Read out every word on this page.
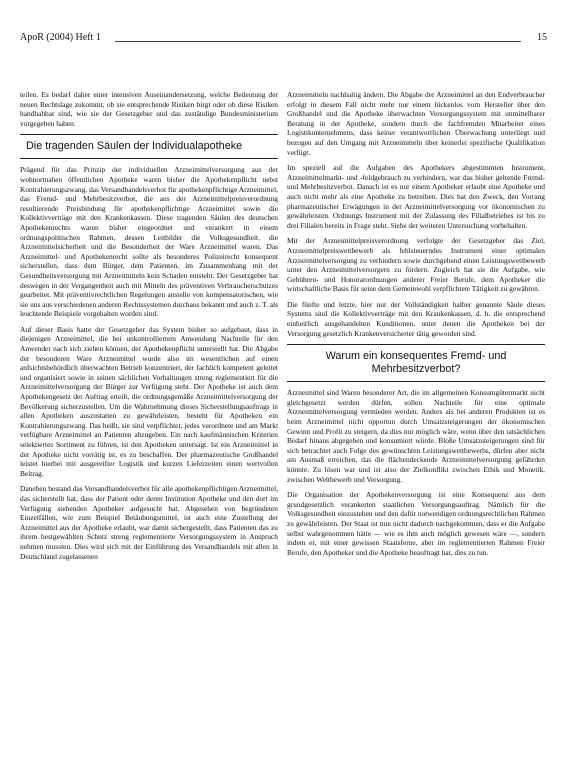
ApoR (2004) Heft 1	15

teilen. Es bedarf daher einer intensiven Auseinandersetzung, welche Bedeutung der neuen Rechtslage zukommt, ob sie entsprechende Risiken birgt oder ob diese Risiken handhabbar sind, wie sie der Gesetzgeber und das zuständige Bundesministerium vorgegeben haben.

Die tragenden Säulen der Individualapotheke

Prägend für das Prinzip der individuellen Arzneimittelversorgung aus der wohnortnahen öffentlichen Apotheke waren bisher die Apothekenpflicht nebst Kontrahierungszwang, das Versandhandelsverbot für apothekenpflichtige Arzneimittel, das Fremd- und Mehrbesitzverbot, die aus der Arzneimittelpreisverordnung resultierende Preisbindung für apothekenpflichtige Arzneimittel sowie die Kollektivverträge mit den Krankenkassen. Diese tragenden Säulen des deutschen Apothekenrechts waren bisher eingeordnet und verankert in einem ordnungspolitischen Rahmen, dessen Leitbilder die Volksgesundheit, die Arzneimittelsicherheit und die Besonderheit der Ware Arzneimittel waren. Das Arzneimittel- und Apothekenrecht sollte als besonderes Polizeirecht konsequent sicherstellen, dass dem Bürger, dem Patienten, im Zusammenhang mit der Gesundheitsversorgung mit Arzneimitteln kein Schaden entsteht. Der Gesetzgeber hat deswegen in der Vergangenheit auch mit Mitteln des präventiven Verbraucherschutzes gearbeitet. Mit präventivrechtlichen Regelungen anstelle von kompensatorischen, wie sie uns aus verschiedenen anderen Rechtssystemen durchaus bekannt und auch z. T. als leuchtende Beispiele vorgehalten worden sind.

Auf dieser Basis hatte der Gesetzgeber das System bisher so aufgebaut, dass in diejenigen Arzneimittel, die bei unkontrolliertem Anwendung Nachteile für den Anwender nach sich ziehen können, der Apothekenpflicht unterstellt hat. Die Abgabe der besonderen Ware Arzneimittel wurde also im wesentlichen auf einen anfsichtsbehördlich überwachten Betrieb konzentriert, der fachlich kompetent geleitet und organisiert sowie in seinen sächlichen Vorhaltungen streng reglementiert für die Arzneimittelversorgung der Bürger zur Verfügung steht. Der Apotheke ist auch dem Apothekengesetz der Auftrag erteilt, die ordnungsgemäße Arzneimittelversorgung der Bevölkerung sicherzustellen. Um die Wahrnehmung dieses Sicherstellungsauftrags in allen Apotheken auszustatten zu gewährleisten, besteht für Apotheken ein Kontrahierungszwang. Das heißt, sie sind verpflichtet, jedes verordnete und am Markt verfügbare Arzneimittel an Patienten abzugeben. Ein nach kaufmännischen Kriterien selektiertes Sortiment zu führen, ist den Apotheken untersagt. Ist ein Arzneimittel in der Apotheke nicht vorrätig ist, es zu beschaffen. Der pharmazeutische Großhandel leistet hierbei mit ausgereifter Logistik und kurzen Lieferzeiten einen wertvollen Beitrag.

Daneben bestand das Versandhandelsverbot für alle apothekenpflichtigen Arzneimittel, das sicherstellt hat, dass der Patient oder deren Institution Apotheke und den dort im Verfügung stehenden Apotheker aufgesucht hat. Abgesehen von begründeten Einzelfällen, wie zum Beispiel Betäubungsmittel, ist auch eine Zustellung der Arzneimittel aus der Apotheke erlaubt, war damit sichergestellt, dass Patienten das zu ihrem bestgewählten Schutz streng reglementierte Versorgungssystem in Anspruch nehmen mussten. Dies wird sich mit der Einführung des Versandhandels mit allen in Deutschland zugelassenen

Arzneimitteln nachhaltig ändern. Die Abgabe der Arzneimittel an den Endverbraucher erfolgt in diesem Fall nicht mehr nur einem lückenlos vom Hersteller über den Großhandel und die Apotheke überwachten Versorgungssystem mit unmittelbarer Beratung in der Apotheke, sondern durch die fachfremden Mitarbeiter eines Logistikunternehmens, dass keiner verantwortlichen Überwachung unterliegt und bezogen auf den Umgang mit Arzneimitteln über keinerlei spezifische Qualifikation verfügt.

Im speziell auf die Aufgaben des Apothekers abgestimmten Instrument, Arzneimittelmarkt- und -feldgebrauch zu verhindern, war das bisher geltende Fremd- und Mehrbesitzverbot. Danach ist es nur einem Apotheker erlaubt eine Apotheke und auch nicht mehr als eine Apotheke zu betreiben. Dies hat den Zweck, den Vorrang pharmazeutischer Erwägungen in der Arzneimittelversorgung vor ökonomischen zu gewährleisten. Ordnungs Instrument mit der Zulassung des Filialbetriebes ist bis zu drei Filialen bereits in Frage steht. Siehe der weiteren Untersuchung vorbehalten.

Mit der Arzneimittelpreisverordnung verfolgte der Gesetzgeber das Ziel, Arzneimittelpreiswettbewerb als fehlsteuerndes Instrument einer optimalen Arzneimittelversorgung zu verhindern sowie durchgehend einen Leistungswettbewerb unter den Arzneimittelversorgern zu fördern. Zugleich hat sie die Aufgabe, wie Gebühren- und Honorarordnungen anderer Freier Berufe, dem Apotheker die wirtschaftliche Basis für seine dem Gemeinwohl verpflichtete Tätigkeit zu gewähren.

Die fünfte und letzte, hier nur der Vollständigkeit halber genannte Säule dieses Systems sind die Kollektivverträge mit den Krankenkassen, d. h. die entsprechend einheitlich ausgehandelten Konditionen, unter denen die Apotheken bei der Versorgung gesetzlich Krankenversicherter tätig geworden sind.

Warum ein konsequentes Fremd- und Mehrbesitzverbot?

Arzneimittel sind Waren besonderer Art, die im allgemeinen Konsumgütermarkt nicht gleichgesetzt werden dürfen, sollen Nachteile für eine optimale Arzneimittelversorgung vermieden werden. Anders als bei anderen Produkten ist es beim Arzneimittel nicht opportun durch Umsatzsteigerungen der ökonomischen Gewinn und Profit zu steigern, da dies nur möglich wäre, wenn über den tatsächlichen Bedarf hinaus abgegeben und konsumiert würde. Bloße Umsatzsteigerungen sind für sich betrachtet auch Folge des gewünschten Leistungswettbewerbs, dürfen aber nicht am Ausmaß erreichen, das die flächendeckende Arzneimittelversorgung gefährden könnte. Zu lösen war und ist also der Zielkonflikt zwischen Ethik und Monetik, zwischen Weltbewerb und Versorgung.

Die Organisation der Apothekenversorgung ist eine Konsequenz aus dem grundgesetzlich verankerten staatlichen Versorgungsauftrag. Nämlich für die Volksgesundheit einzustehen und den dafür notwendigen ordnungsrechtlichen Rahmen zu gewährleisten. Der Staat ist nun nicht dadurch nachgekommen, dass er die Aufgabe selbst wahrgenommen hätte — wie es ihm auch möglich gewesen wäre —, sondern indem er, mit einer gewissen Staatsferne, aber im reglementierten Rahmen Freier Berufe, den Apotheker und die Apotheke beauftragt hat, dies zu tun.
